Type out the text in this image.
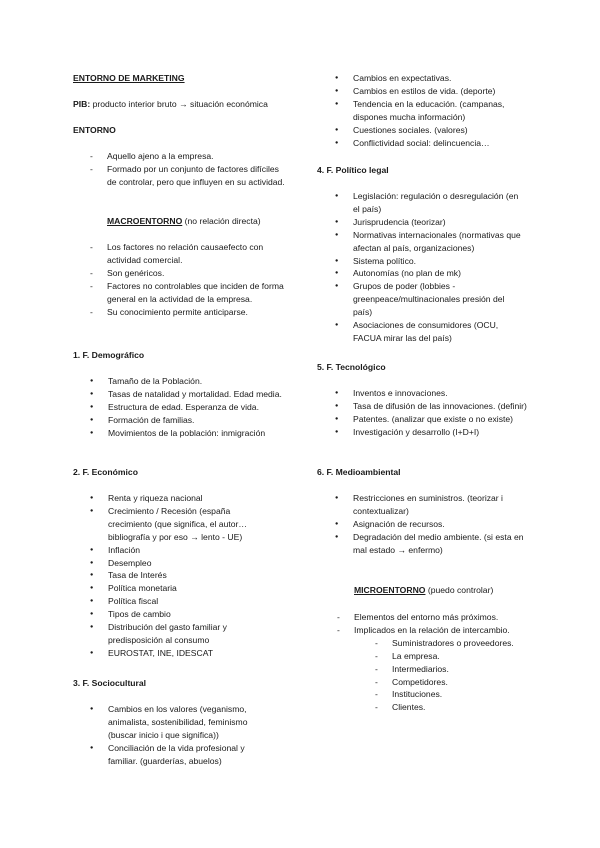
ENTORNO DE MARKETING
PIB: producto interior bruto → situación económica
ENTORNO
- Aquello ajeno a la empresa.
- Formado por un conjunto de factores difíciles de controlar, pero que influyen en su actividad.
MACROENTORNO (no relación directa)
- Los factores no relación causaefecto con actividad comercial.
- Son genéricos.
- Factores no controlables que inciden de forma general en la actividad de la empresa.
- Su conocimiento permite anticiparse.
1. F. Demográfico
● Tamaño de la Población.
● Tasas de natalidad y mortalidad. Edad media.
● Estructura de edad. Esperanza de vida.
● Formación de familias.
● Movimientos de la población: inmigración
2. F. Económico
● Renta y riqueza nacional
● Crecimiento / Recesión (españa crecimiento (que significa, el autor… bibliografía y por eso → lento - UE)
● Inflación
● Desempleo
● Tasa de Interés
● Política monetaria
● Política fiscal
● Tipos de cambio
● Distribución del gasto familiar y predisposición al consumo
● EUROSTAT, INE, IDESCAT
3. F. Sociocultural
● Cambios en los valores (veganismo, animalista, sostenibilidad, feminismo (buscar inicio i que significa))
● Conciliación de la vida profesional y familiar. (guarderías, abuelos)
● Cambios en expectativas.
● Cambios en estilos de vida. (deporte)
● Tendencia en la educación. (campanas, dispones mucha información)
● Cuestiones sociales. (valores)
● Conflictividad social: delincuencia…
4. F. Político legal
● Legislación: regulación o desregulación (en el país)
● Jurisprudencia (teorizar)
● Normativas internacionales (normativas que afectan al país, organizaciones)
● Sistema político.
● Autonomías (no plan de mk)
● Grupos de poder (lobbies - greenpeace/multinacionales presión del país)
● Asociaciones de consumidores (OCU, FACUA mirar las del país)
5. F. Tecnológico
● Inventos e innovaciones.
● Tasa de difusión de las innovaciones. (definir)
● Patentes. (analizar que existe o no existe)
● Investigación y desarrollo (I+D+I)
6. F. Medioambiental
● Restricciones en suministros. (teorizar i contextualizar)
● Asignación de recursos.
● Degradación del medio ambiente. (si esta en mal estado → enfermo)
MICROENTORNO (puedo controlar)
- Elementos del entorno más próximos.
- Implicados en la relación de intercambio.
- Suministradores o proveedores.
- La empresa.
- Intermediarios.
- Competidores.
- Instituciones.
- Clientes.
